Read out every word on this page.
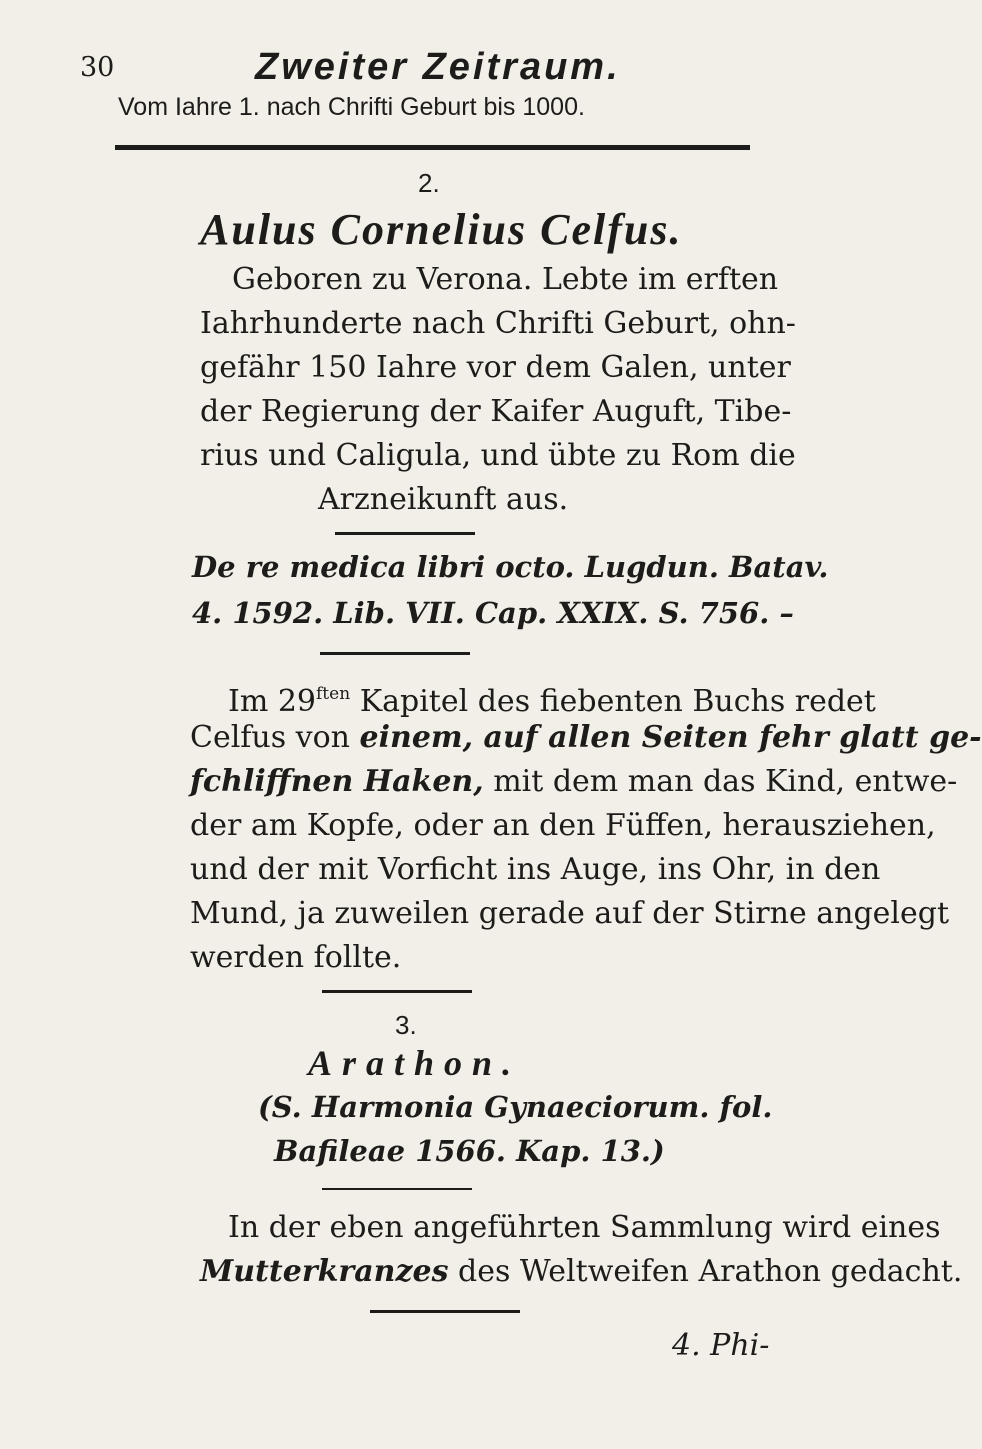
30	Zweiter Zeitraum.
Vom Iahre 1. nach Chrifti Geburt bis 1000.
2.
Aulus Cornelius Celfus.
Geboren zu Verona. Lebte im erften
Iahrhunderte nach Chrifti Geburt, ohn-
gefähr 150 Iahre vor dem Galen, unter
der Regierung der Kaifer Auguft, Tibe-
rius und Caligula, und übte zu Rom die
Arzneikunft aus.
De re medica libri octo. Lugdun. Batav.
4. 1592. Lib. VII. Cap. XXIX. S. 756. –
Im $29^{ften}$ Kapitel des fiebenten Buchs redet
Celfus von einem, auf allen Seiten fehr glatt ge-
fchliffnen Haken, mit dem man das Kind, entwe-
der am Kopfe, oder an den Füffen, herausziehen,
und der mit Vorficht ins Auge, ins Ohr, in den
Mund, ja zuweilen gerade auf der Stirne angelegt
werden follte.
3.
Arathon.
(S. Harmonia Gynaeciorum. fol.
Bafileae 1566. Kap. 13.)
In der eben angeführten Sammlung wird eines
Mutterkranzes des Weltweifen Arathon gedacht.
4. Phi-
